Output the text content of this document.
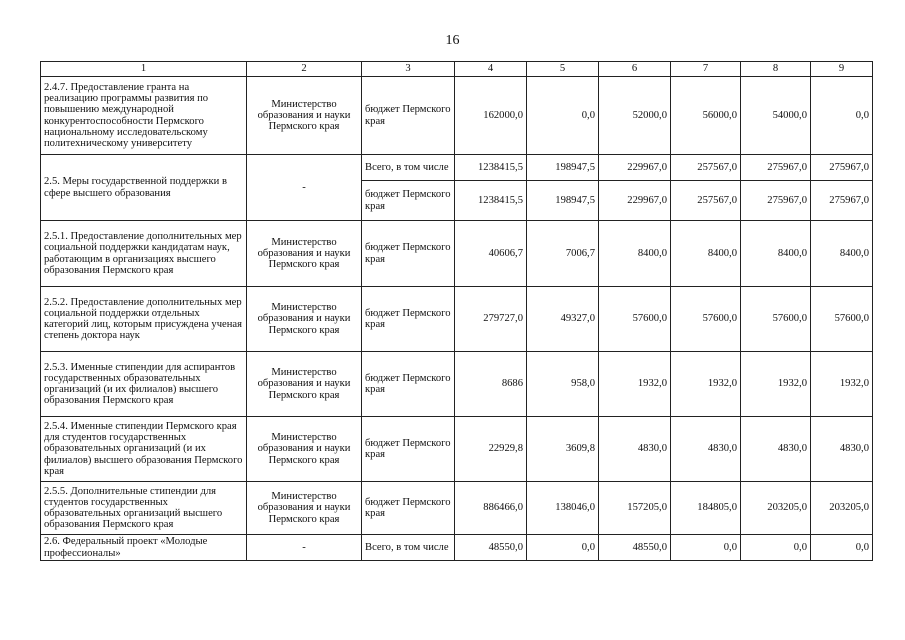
16
1	2	3	4	5	6	7	8	9
2.4.7. Предоставление гранта на реализацию программы развития по повышению международной конкурентоспособности Пермского национальному исследовательскому политехническому университету	Министерство образования и науки Пермского края	бюджет Пермского края	162000,0	0,0	52000,0	56000,0	54000,0	0,0
2.5. Меры государственной поддержки в сфере высшего образования	-	Всего, в том числе	1238415,5	198947,5	229967,0	257567,0	275967,0	275967,0
		бюджет Пермского края	1238415,5	198947,5	229967,0	257567,0	275967,0	275967,0
2.5.1. Предоставление дополнительных мер социальной поддержки кандидатам наук, работающим в организациях высшего образования Пермского края	Министерство образования и науки Пермского края	бюджет Пермского края	40606,7	7006,7	8400,0	8400,0	8400,0	8400,0
2.5.2. Предоставление дополнительных мер социальной поддержки отдельных категорий лиц, которым присуждена ученая степень доктора наук	Министерство образования и науки Пермского края	бюджет Пермского края	279727,0	49327,0	57600,0	57600,0	57600,0	57600,0
2.5.3. Именные стипендии для аспирантов государственных образовательных организаций (и их филиалов) высшего образования Пермского края	Министерство образования и науки Пермского края	бюджет Пермского края	8686	958,0	1932,0	1932,0	1932,0	1932,0
2.5.4. Именные стипендии Пермского края для студентов государственных образовательных организаций (и их филиалов) высшего образования Пермского края	Министерство образования и науки Пермского края	бюджет Пермского края	22929,8	3609,8	4830,0	4830,0	4830,0	4830,0
2.5.5. Дополнительные стипендии для студентов государственных образовательных организаций высшего образования Пермского края	Министерство образования и науки Пермского края	бюджет Пермского края	886466,0	138046,0	157205,0	184805,0	203205,0	203205,0
2.6. Федеральный проект «Молодые профессионалы»	-	Всего, в том числе	48550,0	0,0	48550,0	0,0	0,0	0,0
